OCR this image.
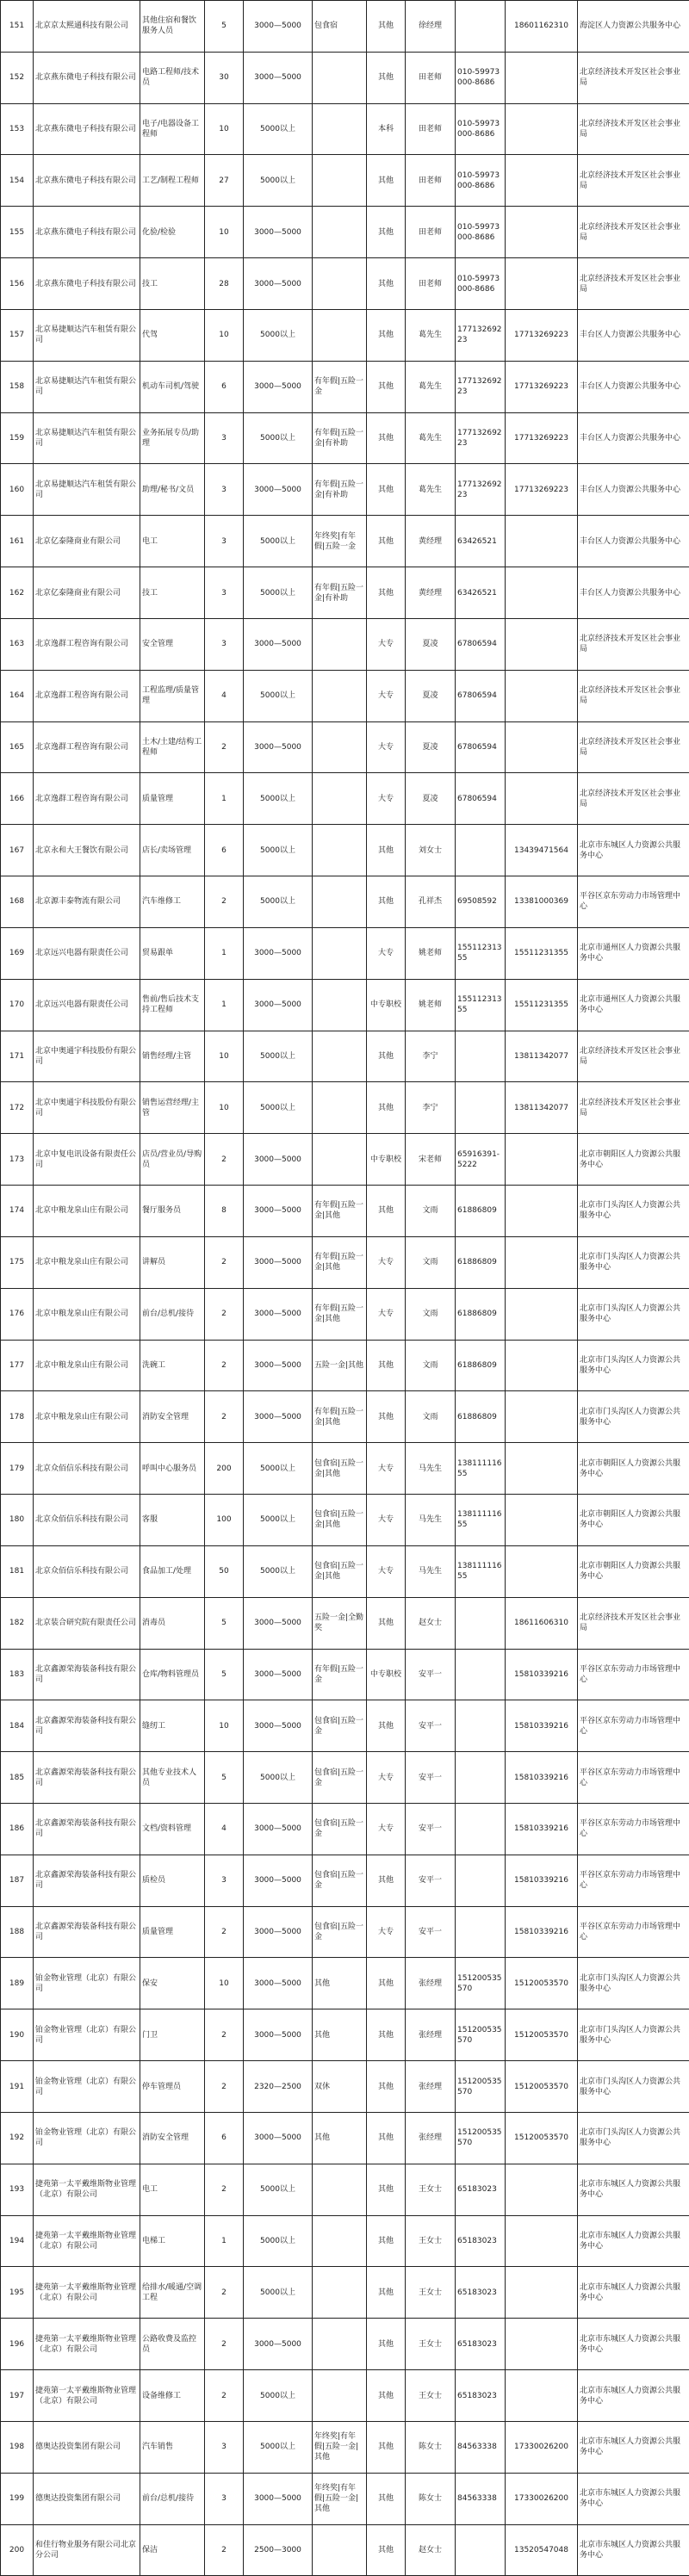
151	北京京太熙通科技有限公司	其他住宿和餐饮服务人员	5	3000—5000	包食宿	其他	徐经理		18601162310	海淀区人力资源公共服务中心
152	北京燕东微电子科技有限公司	电路工程师/技术员	30	3000—5000		其他	田老师	010-59973000-8686		北京经济技术开发区社会事业局
153	北京燕东微电子科技有限公司	电子/电器设备工程师	10	5000以上		本科	田老师	010-59973000-8686		北京经济技术开发区社会事业局
154	北京燕东微电子科技有限公司	工艺/制程工程师	27	5000以上		其他	田老师	010-59973000-8686		北京经济技术开发区社会事业局
155	北京燕东微电子科技有限公司	化验/检验	10	3000—5000		其他	田老师	010-59973000-8686		北京经济技术开发区社会事业局
156	北京燕东微电子科技有限公司	技工	28	3000—5000		其他	田老师	010-59973000-8686		北京经济技术开发区社会事业局
157	北京易捷顺达汽车租赁有限公司	代驾	10	5000以上		其他	葛先生	17713269223	17713269223	丰台区人力资源公共服务中心
158	北京易捷顺达汽车租赁有限公司	机动车司机/驾驶	6	3000—5000	有年假|五险一金	其他	葛先生	17713269223	17713269223	丰台区人力资源公共服务中心
159	北京易捷顺达汽车租赁有限公司	业务拓展专员/助理	3	5000以上	有年假|五险一金|有补助	其他	葛先生	17713269223	17713269223	丰台区人力资源公共服务中心
160	北京易捷顺达汽车租赁有限公司	助理/秘书/文员	3	3000—5000	有年假|五险一金|有补助	其他	葛先生	17713269223	17713269223	丰台区人力资源公共服务中心
161	北京亿泰隆商业有限公司	电工	3	5000以上	年终奖|有年假|五险一金	其他	黄经理	63426521		丰台区人力资源公共服务中心
162	北京亿泰隆商业有限公司	技工	3	5000以上	有年假|五险一金|有补助	其他	黄经理	63426521		丰台区人力资源公共服务中心
163	北京逸群工程咨询有限公司	安全管理	3	3000—5000		大专	夏凌	67806594		北京经济技术开发区社会事业局
164	北京逸群工程咨询有限公司	工程监理/质量管理	4	5000以上		大专	夏凌	67806594		北京经济技术开发区社会事业局
165	北京逸群工程咨询有限公司	土木/土建/结构工程师	2	3000—5000		大专	夏凌	67806594		北京经济技术开发区社会事业局
166	北京逸群工程咨询有限公司	质量管理	1	5000以上		大专	夏凌	67806594		北京经济技术开发区社会事业局
167	北京永和大王餐饮有限公司	店长/卖场管理	6	5000以上		其他	刘女士		13439471564	北京市东城区人力资源公共服务中心
168	北京源丰泰物流有限公司	汽车维修工	2	5000以上		其他	孔祥杰	69508592	13381000369	平谷区京东劳动力市场管理中心
169	北京远兴电器有限责任公司	贸易跟单	1	3000—5000		大专	姚老师	15511231355	15511231355	北京市通州区人力资源公共服务中心
170	北京远兴电器有限责任公司	售前/售后技术支持工程师	1	3000—5000		中专职校	姚老师	15511231355	15511231355	北京市通州区人力资源公共服务中心
171	北京中奥通宇科技股份有限公司	销售经理/主管	10	5000以上		其他	李宁		13811342077	北京经济技术开发区社会事业局
172	北京中奥通宇科技股份有限公司	销售运营经理/主管	10	5000以上		其他	李宁		13811342077	北京经济技术开发区社会事业局
173	北京中复电讯设备有限责任公司	店员/营业员/导购员	2	3000—5000		中专职校	宋老师	65916391-5222		北京市朝阳区人力资源公共服务中心
174	北京中粮龙泉山庄有限公司	餐厅服务员	8	3000—5000	有年假|五险一金|其他	其他	文雨	61886809		北京市门头沟区人力资源公共服务中心
175	北京中粮龙泉山庄有限公司	讲解员	2	3000—5000	有年假|五险一金|其他	大专	文雨	61886809		北京市门头沟区人力资源公共服务中心
176	北京中粮龙泉山庄有限公司	前台/总机/接待	2	3000—5000	有年假|五险一金|其他	大专	文雨	61886809		北京市门头沟区人力资源公共服务中心
177	北京中粮龙泉山庄有限公司	洗碗工	2	3000—5000	五险一金|其他	其他	文雨	61886809		北京市门头沟区人力资源公共服务中心
178	北京中粮龙泉山庄有限公司	消防安全管理	2	3000—5000	有年假|五险一金|其他	其他	文雨	61886809		北京市门头沟区人力资源公共服务中心
179	北京众佰信乐科技有限公司	呼叫中心服务员	200	5000以上	包食宿|五险一金|其他	大专	马先生	13811111655		北京市朝阳区人力资源公共服务中心
180	北京众佰信乐科技有限公司	客服	100	5000以上	包食宿|五险一金|其他	大专	马先生	13811111655		北京市朝阳区人力资源公共服务中心
181	北京众佰信乐科技有限公司	食品加工/处理	50	5000以上	包食宿|五险一金|其他	大专	马先生	13811111655		北京市朝阳区人力资源公共服务中心
182	北京装合研究院有限责任公司	消毒员	5	3000—5000	五险一金|全勤奖	其他	赵女士		18611606310	北京经济技术开发区社会事业局
183	北京鑫源荣海装备科技有限公司	仓库/物料管理员	5	3000—5000	有年假|五险一金	中专职校	安平一		15810339216	平谷区京东劳动力市场管理中心
184	北京鑫源荣海装备科技有限公司	缝纫工	10	3000—5000	包食宿|五险一金	其他	安平一		15810339216	平谷区京东劳动力市场管理中心
185	北京鑫源荣海装备科技有限公司	其他专业技术人员	5	5000以上	包食宿|五险一金	大专	安平一		15810339216	平谷区京东劳动力市场管理中心
186	北京鑫源荣海装备科技有限公司	文档/资料管理	4	3000—5000	包食宿|五险一金	大专	安平一		15810339216	平谷区京东劳动力市场管理中心
187	北京鑫源荣海装备科技有限公司	质检员	3	3000—5000	包食宿|五险一金	其他	安平一		15810339216	平谷区京东劳动力市场管理中心
188	北京鑫源荣海装备科技有限公司	质量管理	2	3000—5000	包食宿|五险一金	大专	安平一		15810339216	平谷区京东劳动力市场管理中心
189	铂金物业管理（北京）有限公司	保安	10	3000—5000	其他	其他	张经理	151200535570	15120053570	北京市门头沟区人力资源公共服务中心
190	铂金物业管理（北京）有限公司	门卫	2	3000—5000	其他	其他	张经理	151200535570	15120053570	北京市门头沟区人力资源公共服务中心
191	铂金物业管理（北京）有限公司	停车管理员	2	2320—2500	双休	其他	张经理	151200535570	15120053570	北京市门头沟区人力资源公共服务中心
192	铂金物业管理（北京）有限公司	消防安全管理	6	3000—5000	其他	其他	张经理	151200535570	15120053570	北京市门头沟区人力资源公共服务中心
193	捷苑第一太平戴维斯物业管理（北京）有限公司	电工	2	5000以上		其他	王女士	65183023		北京市东城区人力资源公共服务中心
194	捷苑第一太平戴维斯物业管理（北京）有限公司	电梯工	1	5000以上		其他	王女士	65183023		北京市东城区人力资源公共服务中心
195	捷苑第一太平戴维斯物业管理（北京）有限公司	给排水/暖通/空调工程	2	5000以上		其他	王女士	65183023		北京市东城区人力资源公共服务中心
196	捷苑第一太平戴维斯物业管理（北京）有限公司	公路收费及监控员	2	3000—5000		其他	王女士	65183023		北京市东城区人力资源公共服务中心
197	捷苑第一太平戴维斯物业管理（北京）有限公司	设备维修工	2	5000以上		其他	王女士	65183023		北京市东城区人力资源公共服务中心
198	德奥达投资集团有限公司	汽车销售	3	5000以上	年终奖|有年假|五险一金|其他	其他	陈女士	84563338	17330026200	北京市东城区人力资源公共服务中心
199	德奥达投资集团有限公司	前台/总机/接待	3	3000—5000	年终奖|有年假|五险一金|其他	其他	陈女士	84563338	17330026200	北京市东城区人力资源公共服务中心
200	和佳行物业服务有限公司北京分公司	保洁	2	2500—3000		其他	赵女士		13520547048	北京市东城区人力资源公共服务中心
